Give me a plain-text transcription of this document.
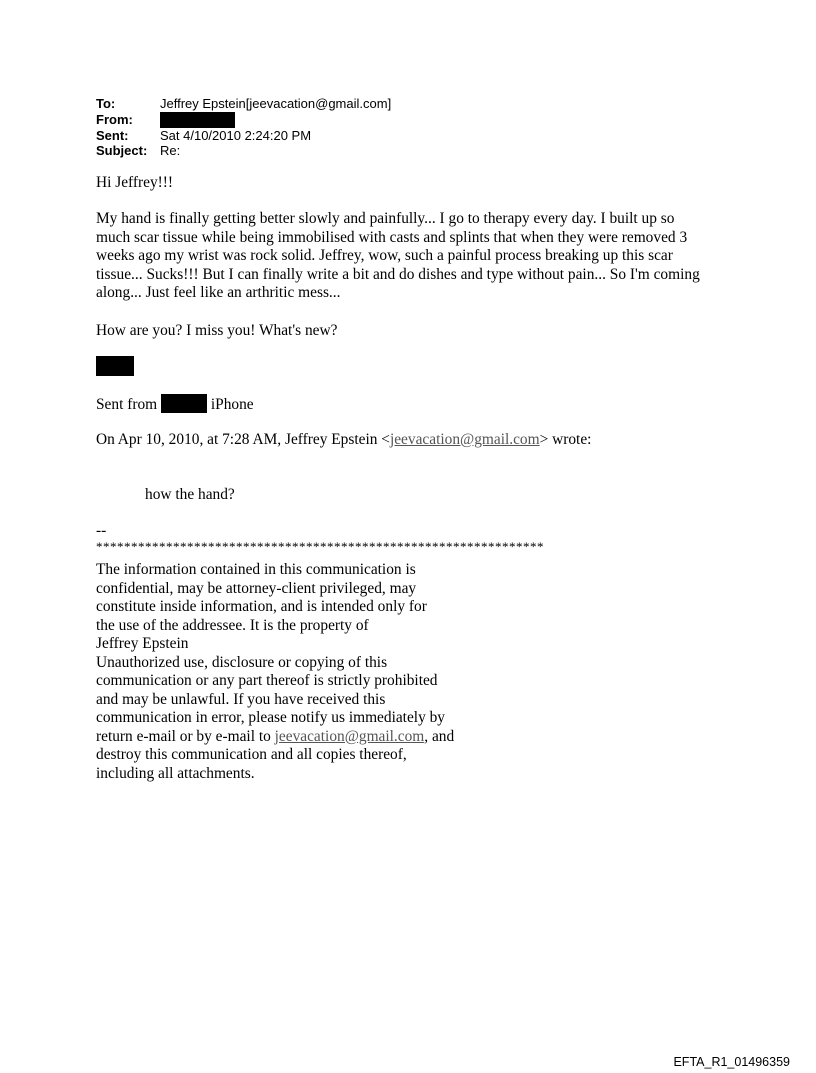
To:	Jeffrey Epstein[jeevacation@gmail.com]
From:
Sent:	Sat 4/10/2010 2:24:20 PM
Subject: Re:
Hi Jeffrey!!!
My hand is finally getting better slowly and painfully... I go to therapy every day. I built up so
much scar tissue while being immobilised with casts and splints that when they were removed 3
weeks ago my wrist was rock solid. Jeffrey, wow, such a painful process breaking up this scar
tissue... Sucks!!! But I can finally write a bit and do dishes and type without pain... So I'm coming
along... Just feel like an arthritic mess...
How are you? I miss you! What's new?
Sent from	iPhone
On Apr 10, 2010, at 7:28 AM, Jeffrey Epstein <jeevacation@gmail.com> wrote:
how the hand?
--
****************************************************************
The information contained in this communication is
confidential, may be attorney-client privileged, may
constitute inside information, and is intended only for
the use of the addressee. It is the property of
Jeffrey Epstein
Unauthorized use, disclosure or copying of this
communication or any part thereof is strictly prohibited
and may be unlawful. If you have received this
communication in error, please notify us immediately by
return e-mail or by e-mail to jeevacation@gmail.com, and
destroy this communication and all copies thereof,
including all attachments.
EFTA_R1_01496359
